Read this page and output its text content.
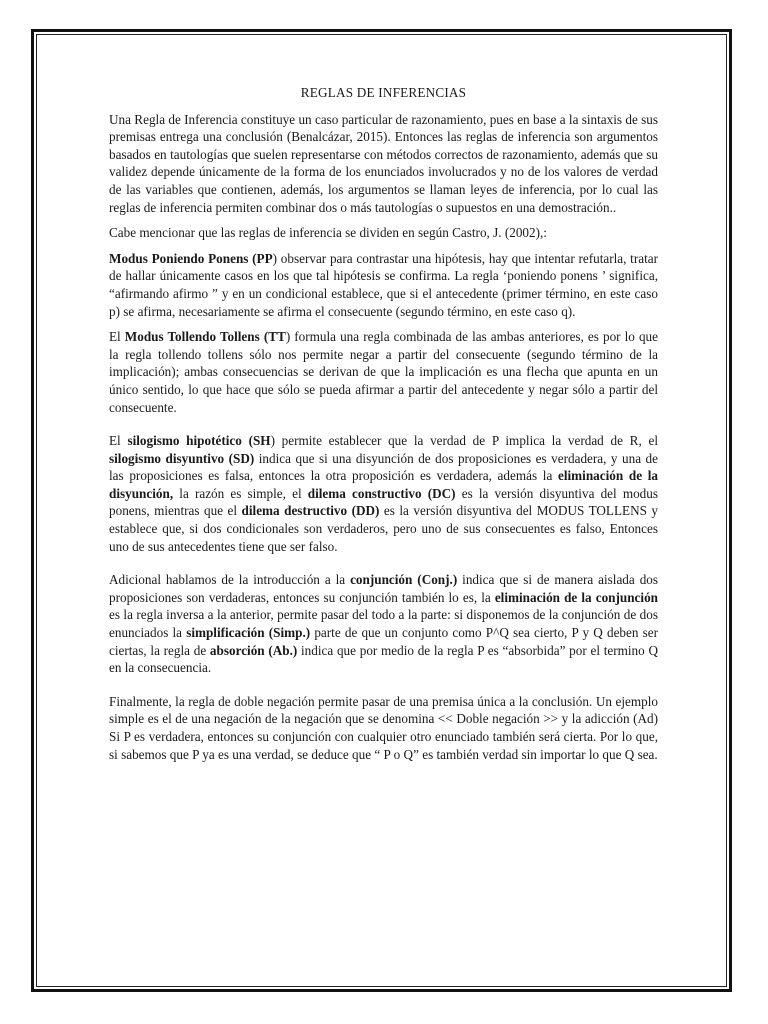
REGLAS DE INFERENCIAS

Una Regla de Inferencia constituye un caso particular de razonamiento, pues en base a la sintaxis de sus premisas entrega una conclusión (Benalcázar, 2015). Entonces las reglas de inferencia son argumentos basados en tautologías que suelen representarse con métodos correctos de razonamiento, además que su validez depende únicamente de la forma de los enunciados involucrados y no de los valores de verdad de las variables que contienen, además, los argumentos se llaman leyes de inferencia, por lo cual las reglas de inferencia permiten combinar dos o más tautologías o supuestos en una demostración..

Cabe mencionar que las reglas de inferencia se dividen en según Castro, J. (2002),:

Modus Poniendo Ponens (PP) observar para contrastar una hipótesis, hay que intentar refutarla, tratar de hallar únicamente casos en los que tal hipótesis se confirma. La regla ‘poniendo ponens ’ significa, “afirmando afirmo ” y en un condicional establece, que si el antecedente (primer término, en este caso p) se afirma, necesariamente se afirma el consecuente (segundo término, en este caso q).

El Modus Tollendo Tollens (TT) formula una regla combinada de las ambas anteriores, es por lo que la regla tollendo tollens sólo nos permite negar a partir del consecuente (segundo término de la implicación); ambas consecuencias se derivan de que la implicación es una flecha que apunta en un único sentido, lo que hace que sólo se pueda afirmar a partir del antecedente y negar sólo a partir del consecuente.

El silogismo hipotético (SH) permite establecer que la verdad de P implica la verdad de R, el silogismo disyuntivo (SD) indica que si una disyunción de dos proposiciones es verdadera, y una de las proposiciones es falsa, entonces la otra proposición es verdadera, además la eliminación de la disyunción, la razón es simple, el dilema constructivo (DC) es la versión disyuntiva del modus ponens, mientras que el dilema destructivo (DD) es la versión disyuntiva del MODUS TOLLENS y establece que, si dos condicionales son verdaderos, pero uno de sus consecuentes es falso, Entonces uno de sus antecedentes tiene que ser falso.

Adicional hablamos de la introducción a la conjunción (Conj.) indica que si de manera aislada dos proposiciones son verdaderas, entonces su conjunción también lo es, la eliminación de la conjunción es la regla inversa a la anterior, permite pasar del todo a la parte: si disponemos de la conjunción de dos enunciados la simplificación (Simp.) parte de que un conjunto como P^Q sea cierto, P y Q deben ser ciertas, la regla de absorción (Ab.) indica que por medio de la regla P es “absorbida” por el termino Q en la consecuencia.

Finalmente, la regla de doble negación permite pasar de una premisa única a la conclusión. Un ejemplo simple es el de una negación de la negación que se denomina << Doble negación >> y la adicción (Ad) Si P es verdadera, entonces su conjunción con cualquier otro enunciado también será cierta. Por lo que, si sabemos que P ya es una verdad, se deduce que “ P o Q” es también verdad sin importar lo que Q sea.
